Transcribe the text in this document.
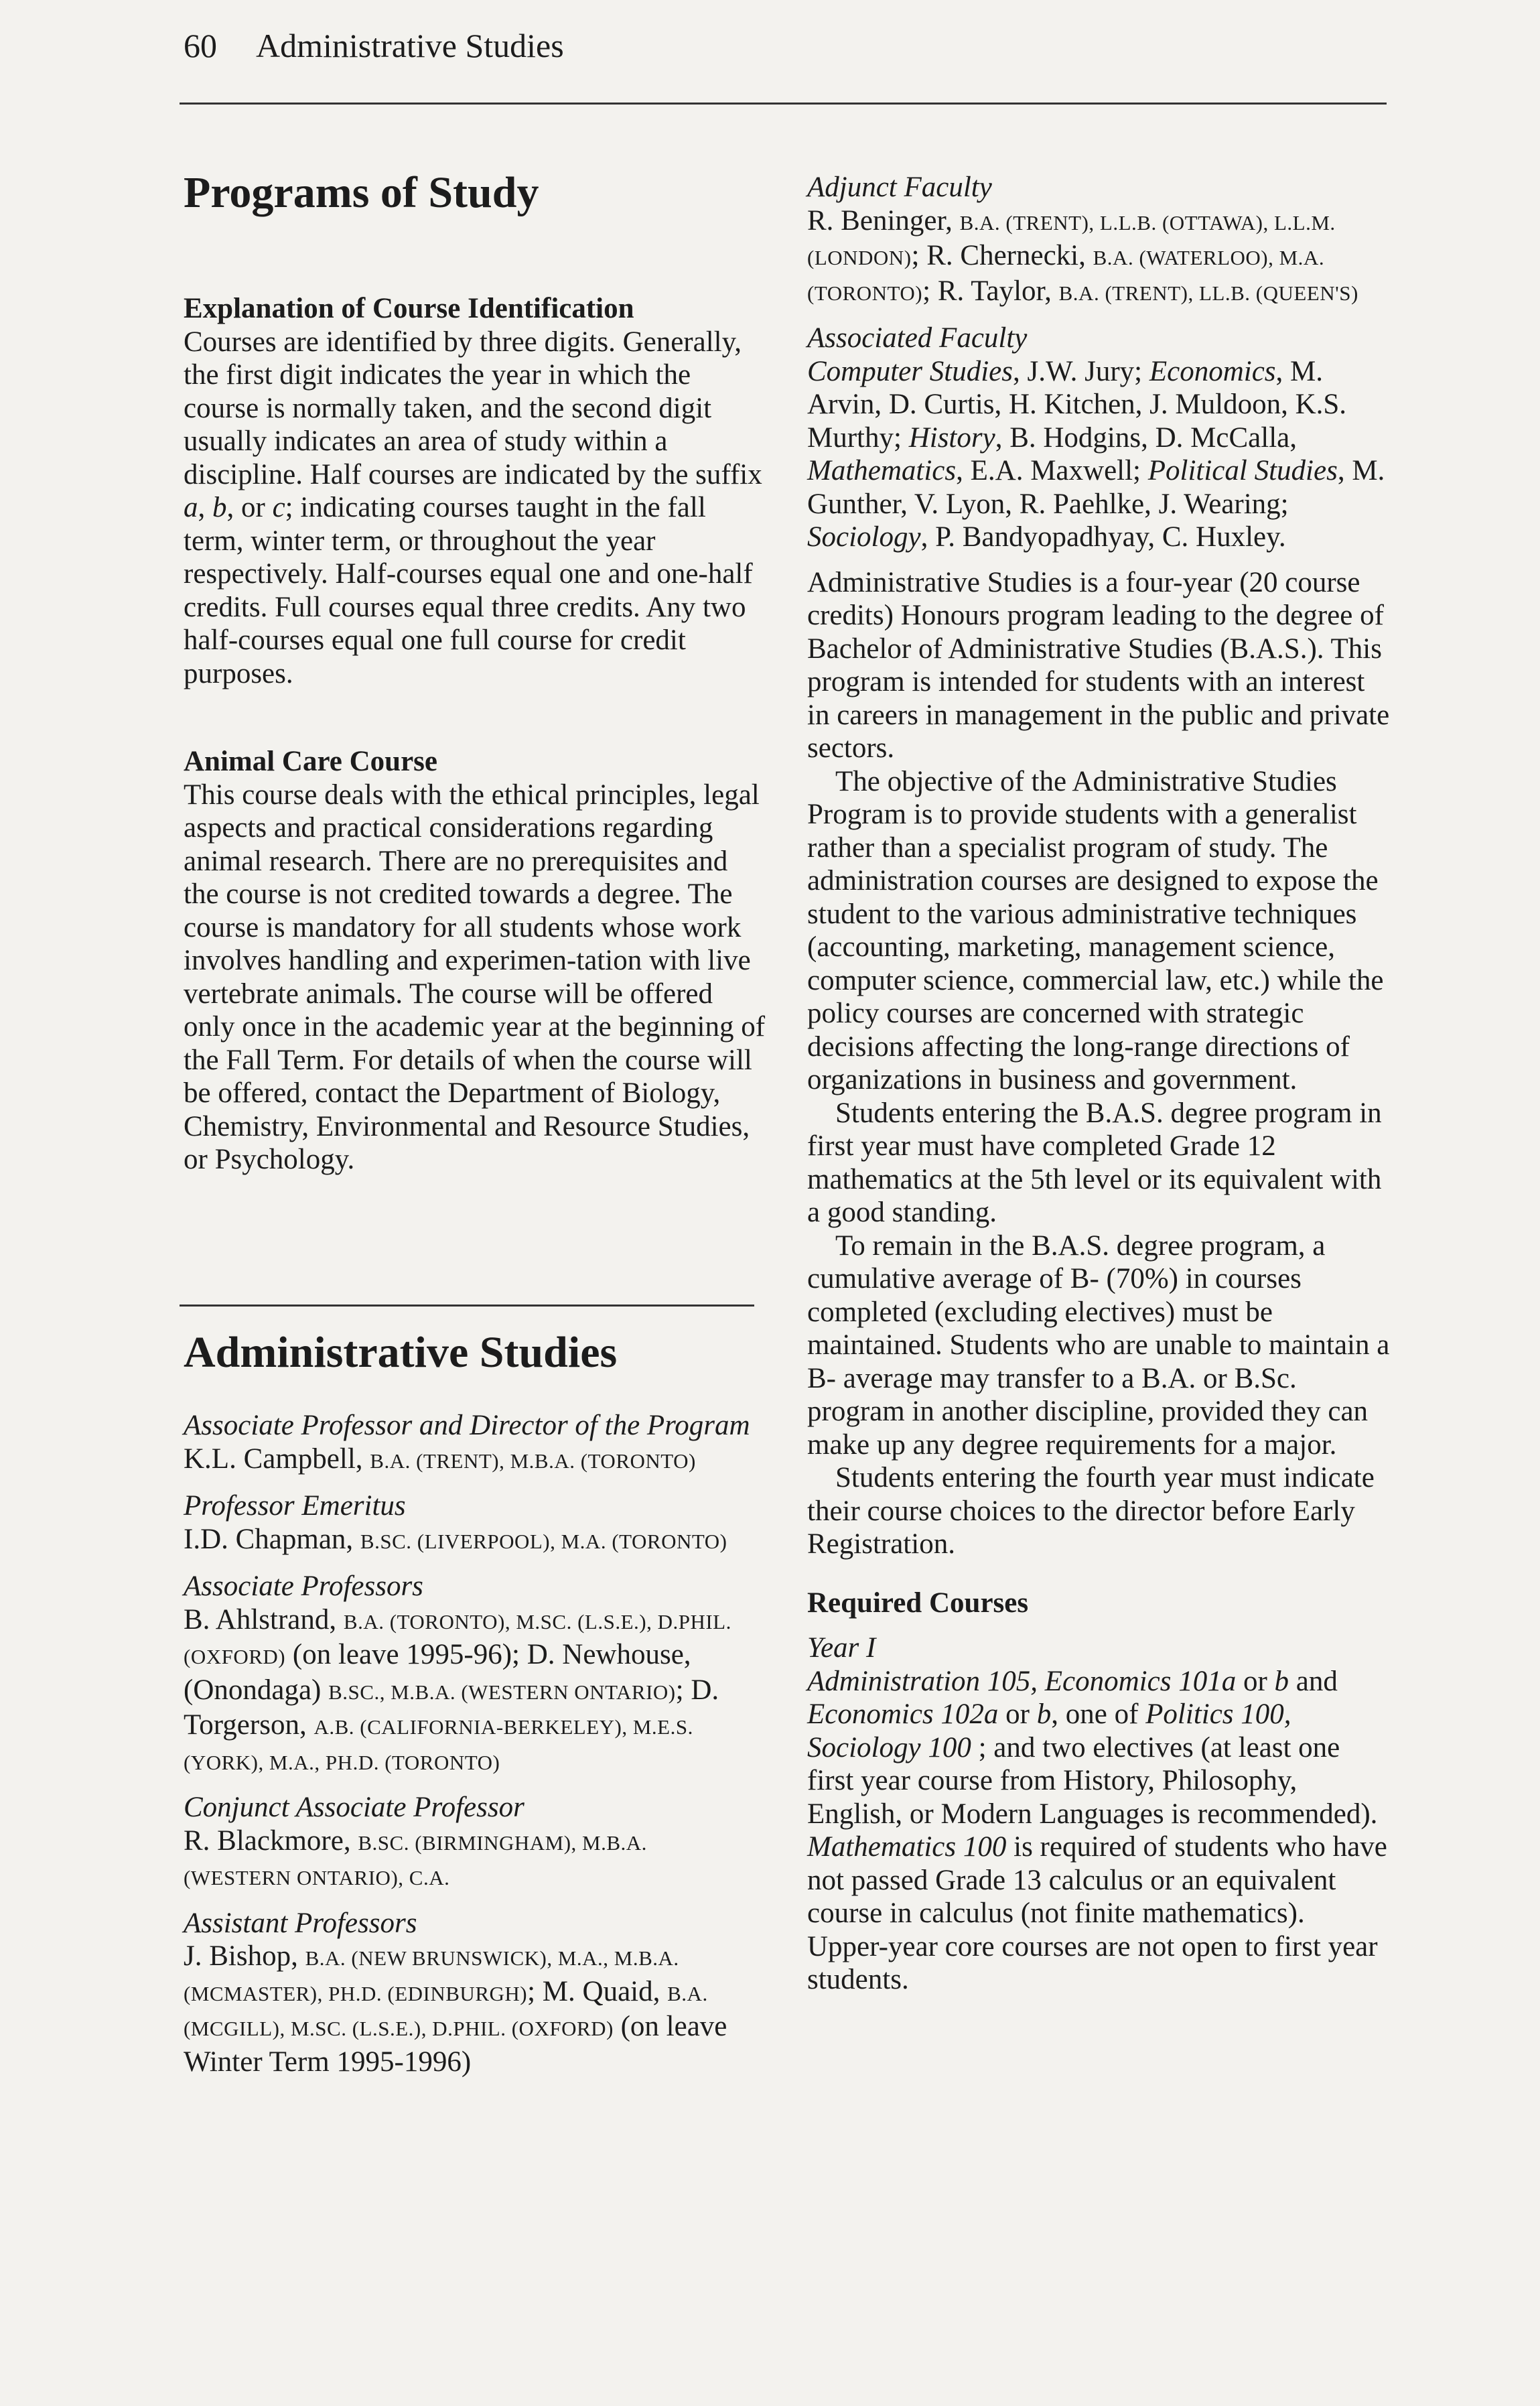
60 Administrative Studies
Programs of Study

Explanation of Course Identification

Courses are identified by three digits. Generally, the first digit indicates the year in which the course is normally taken, and the second digit usually indicates an area of study within a discipline. Half courses are indicated by the suffix a, b, or c; indicating courses taught in the fall term, winter term, or throughout the year respectively. Half-courses equal one and one-half credits. Full courses equal three credits. Any two half-courses equal one full course for credit purposes.

Animal Care Course

This course deals with the ethical principles, legal aspects and practical considerations regarding animal research. There are no prerequisites and the course is not credited towards a degree. The course is mandatory for all students whose work involves handling and experimen-tation with live vertebrate animals. The course will be offered only once in the academic year at the beginning of the Fall Term. For details of when the course will be offered, contact the Department of Biology, Chemistry, Environmental and Resource Studies, or Psychology.

Administrative Studies

Associate Professor and Director of the Program

K.L. Campbell, B.A. (TRENT), M.B.A. (TORONTO)

Professor Emeritus

I.D. Chapman, B.SC. (LIVERPOOL), M.A. (TORONTO)

Associate Professors

B. Ahlstrand, B.A. (TORONTO), M.SC. (L.S.E.), D.PHIL. (OXFORD) (on leave 1995-96); D. Newhouse, (Onondaga) B.SC., M.B.A. (WESTERN ONTARIO); D. Torgerson, A.B. (CALIFORNIA-BERKELEY), M.E.S. (YORK), M.A., PH.D. (TORONTO)

Conjunct Associate Professor

R. Blackmore, B.SC. (BIRMINGHAM), M.B.A. (WESTERN ONTARIO), C.A.

Assistant Professors

J. Bishop, B.A. (NEW BRUNSWICK), M.A., M.B.A. (MCMASTER), PH.D. (EDINBURGH); M. Quaid, B.A. (MCGILL), M.SC. (L.S.E.), D.PHIL. (OXFORD) (on leave Winter Term 1995-1996)

Adjunct Faculty

R. Beninger, B.A. (TRENT), L.L.B. (OTTAWA), L.L.M. (LONDON); R. Chernecki, B.A. (WATERLOO), M.A. (TORONTO); R. Taylor, B.A. (TRENT), LL.B. (QUEEN'S)

Associated Faculty

Computer Studies, J.W. Jury; Economics, M. Arvin, D. Curtis, H. Kitchen, J. Muldoon, K.S. Murthy; History, B. Hodgins, D. McCalla, Mathematics, E.A. Maxwell; Political Studies, M. Gunther, V. Lyon, R. Paehlke, J. Wearing; Sociology, P. Bandyopadhyay, C. Huxley.

Administrative Studies is a four-year (20 course credits) Honours program leading to the degree of Bachelor of Administrative Studies (B.A.S.). This program is intended for students with an interest in careers in management in the public and private sectors.

The objective of the Administrative Studies Program is to provide students with a generalist rather than a specialist program of study. The administration courses are designed to expose the student to the various administrative techniques (accounting, marketing, management science, computer science, commercial law, etc.) while the policy courses are concerned with strategic decisions affecting the long-range directions of organizations in business and government.

Students entering the B.A.S. degree program in first year must have completed Grade 12 mathematics at the 5th level or its equivalent with a good standing.

To remain in the B.A.S. degree program, a cumulative average of B- (70%) in courses completed (excluding electives) must be maintained. Students who are unable to maintain a B- average may transfer to a B.A. or B.Sc. program in another discipline, provided they can make up any degree requirements for a major.

Students entering the fourth year must indicate their course choices to the director before Early Registration.

Required Courses

Year I

Administration 105, Economics 101a or b and Economics 102a or b, one of Politics 100, Sociology 100 ; and two electives (at least one first year course from History, Philosophy, English, or Modern Languages is recommended).

Mathematics 100 is required of students who have not passed Grade 13 calculus or an equivalent course in calculus (not finite mathematics). Upper-year core courses are not open to first year students.
